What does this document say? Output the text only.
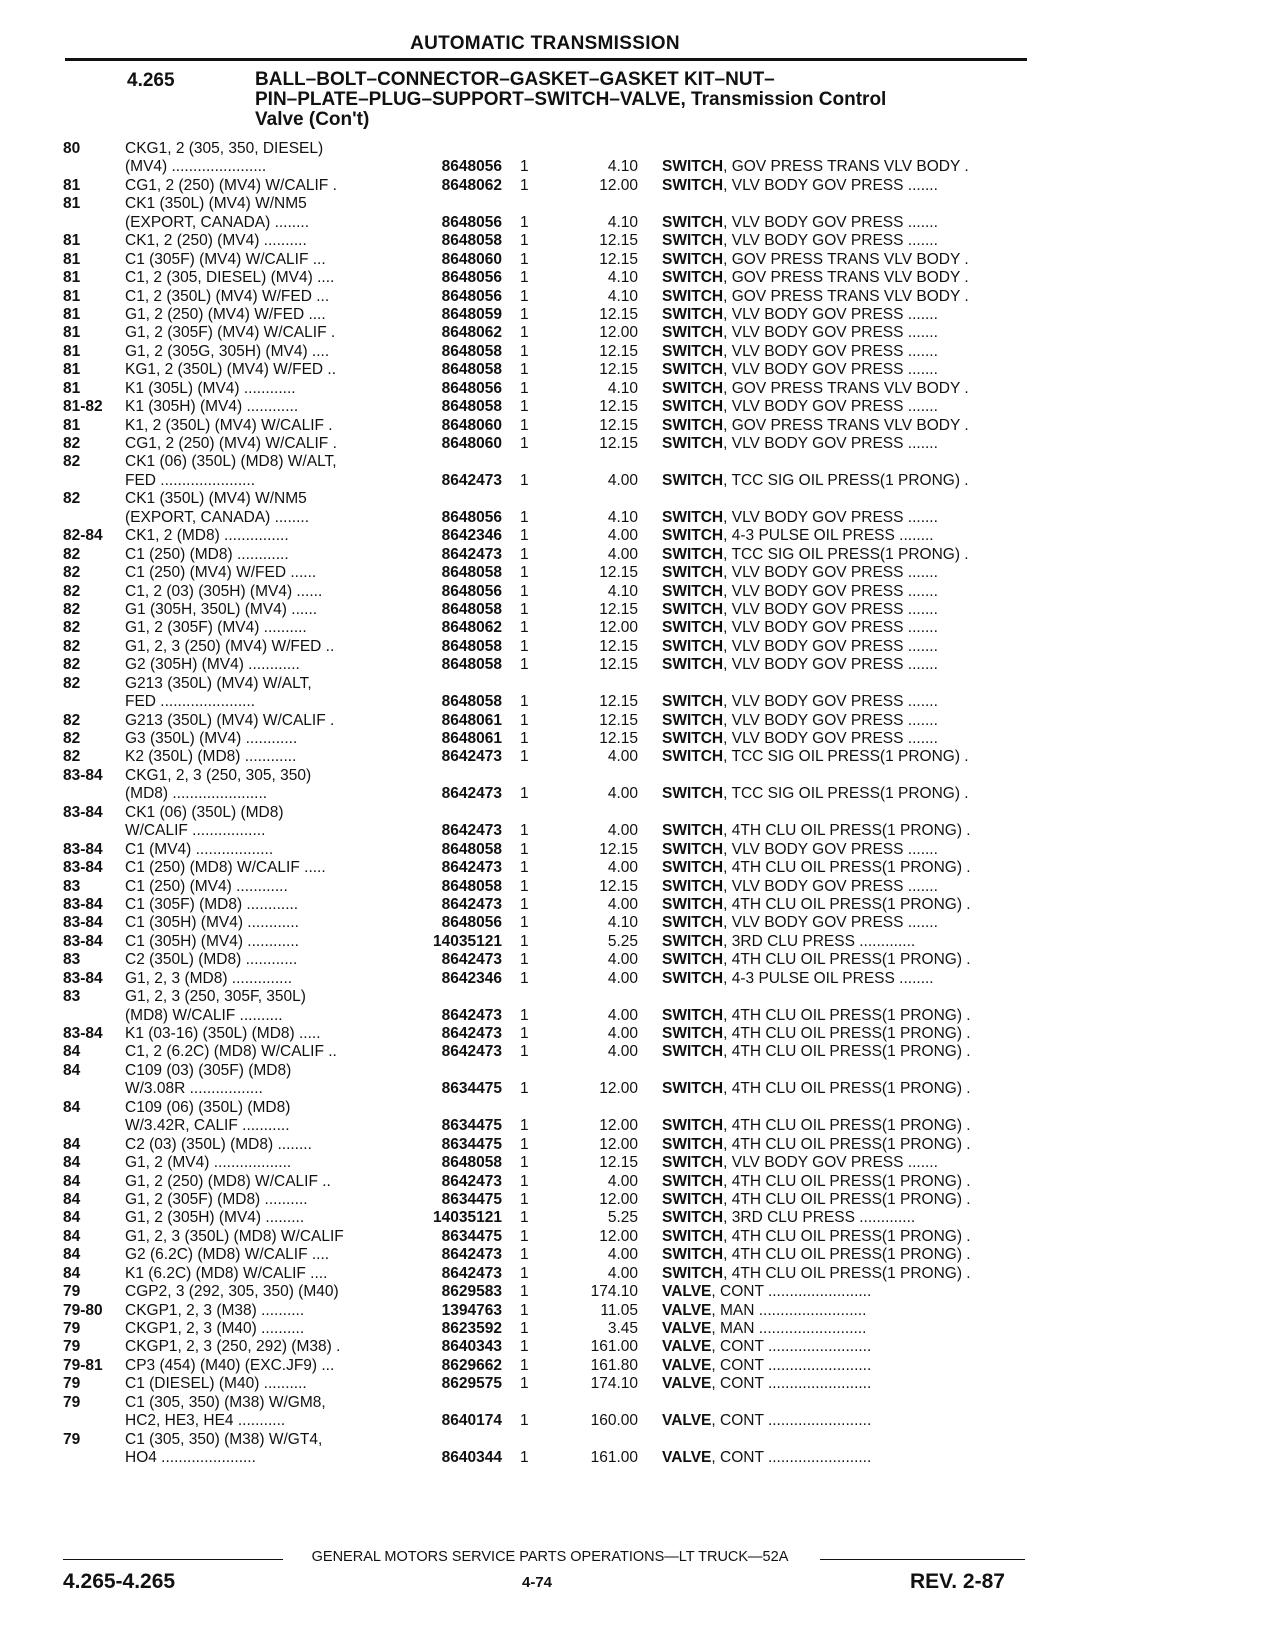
AUTOMATIC TRANSMISSION
4.265	BALL–BOLT–CONNECTOR–GASKET–GASKET KIT–NUT–
PIN–PLATE–PLUG–SUPPORT–SWITCH–VALVE, Transmission Control
Valve (Con't)
80	CKG1, 2 (305, 350, DIESEL)
(MV4) ......................	8648056 1	4.10 SWITCH, GOV PRESS TRANS VLV BODY .
81	CG1, 2 (250) (MV4) W/CALIF .	8648062 1	12.00 SWITCH, VLV BODY GOV PRESS .......
81	CK1 (350L) (MV4) W/NM5
(EXPORT, CANADA) ........	8648056 1	4.10 SWITCH, VLV BODY GOV PRESS .......
81	CK1, 2 (250) (MV4) ..........	8648058 1	12.15 SWITCH, VLV BODY GOV PRESS .......
81	C1 (305F) (MV4) W/CALIF ...	8648060 1	12.15 SWITCH, GOV PRESS TRANS VLV BODY .
81	C1, 2 (305, DIESEL) (MV4) ....	8648056 1	4.10 SWITCH, GOV PRESS TRANS VLV BODY .
81	C1, 2 (350L) (MV4) W/FED ...	8648056 1	4.10 SWITCH, GOV PRESS TRANS VLV BODY .
81	G1, 2 (250) (MV4) W/FED ....	8648059 1	12.15 SWITCH, VLV BODY GOV PRESS .......
81	G1, 2 (305F) (MV4) W/CALIF .	8648062 1	12.00 SWITCH, VLV BODY GOV PRESS .......
81	G1, 2 (305G, 305H) (MV4) ....	8648058 1	12.15 SWITCH, VLV BODY GOV PRESS .......
81	KG1, 2 (350L) (MV4) W/FED ..	8648058 1	12.15 SWITCH, VLV BODY GOV PRESS .......
81	K1 (305L) (MV4) ............	8648056 1	4.10 SWITCH, GOV PRESS TRANS VLV BODY .
81-82 K1 (305H) (MV4) ............	8648058 1	12.15 SWITCH, VLV BODY GOV PRESS .......
81	K1, 2 (350L) (MV4) W/CALIF .	8648060 1	12.15 SWITCH, GOV PRESS TRANS VLV BODY .
82	CG1, 2 (250) (MV4) W/CALIF .	8648060 1	12.15 SWITCH, VLV BODY GOV PRESS .......
82	CK1 (06) (350L) (MD8) W/ALT,
FED ......................	8642473 1	4.00 SWITCH, TCC SIG OIL PRESS(1 PRONG) .
82	CK1 (350L) (MV4) W/NM5
(EXPORT, CANADA) ........	8648056 1	4.10 SWITCH, VLV BODY GOV PRESS .......
82-84 CK1, 2 (MD8) ...............	8642346 1	4.00 SWITCH, 4-3 PULSE OIL PRESS ........
82	C1 (250) (MD8) ............	8642473 1	4.00 SWITCH, TCC SIG OIL PRESS(1 PRONG) .
82	C1 (250) (MV4) W/FED ......	8648058 1	12.15 SWITCH, VLV BODY GOV PRESS .......
82	C1, 2 (03) (305H) (MV4) ......	8648056 1	4.10 SWITCH, VLV BODY GOV PRESS .......
82	G1 (305H, 350L) (MV4) ......	8648058 1	12.15 SWITCH, VLV BODY GOV PRESS .......
82	G1, 2 (305F) (MV4) ..........	8648062 1	12.00 SWITCH, VLV BODY GOV PRESS .......
82	G1, 2, 3 (250) (MV4) W/FED ..	8648058 1	12.15 SWITCH, VLV BODY GOV PRESS .......
82	G2 (305H) (MV4) ............	8648058 1	12.15 SWITCH, VLV BODY GOV PRESS .......
82	G213 (350L) (MV4) W/ALT,
FED ......................	8648058 1	12.15 SWITCH, VLV BODY GOV PRESS .......
82	G213 (350L) (MV4) W/CALIF .	8648061 1	12.15 SWITCH, VLV BODY GOV PRESS .......
82	G3 (350L) (MV4) ............	8648061 1	12.15 SWITCH, VLV BODY GOV PRESS .......
82	K2 (350L) (MD8) ............	8642473 1	4.00 SWITCH, TCC SIG OIL PRESS(1 PRONG) .
83-84 CKG1, 2, 3 (250, 305, 350)
(MD8) ......................	8642473 1	4.00 SWITCH, TCC SIG OIL PRESS(1 PRONG) .
83-84 CK1 (06) (350L) (MD8)
W/CALIF .................	8642473 1	4.00 SWITCH, 4TH CLU OIL PRESS(1 PRONG) .
83-84 C1 (MV4) ..................	8648058 1	12.15 SWITCH, VLV BODY GOV PRESS .......
83-84 C1 (250) (MD8) W/CALIF .....	8642473 1	4.00 SWITCH, 4TH CLU OIL PRESS(1 PRONG) .
83	C1 (250) (MV4) ............	8648058 1	12.15 SWITCH, VLV BODY GOV PRESS .......
83-84 C1 (305F) (MD8) ............	8642473 1	4.00 SWITCH, 4TH CLU OIL PRESS(1 PRONG) .
83-84 C1 (305H) (MV4) ............	8648056 1	4.10 SWITCH, VLV BODY GOV PRESS .......
83-84 C1 (305H) (MV4) ............	14035121 1	5.25 SWITCH, 3RD CLU PRESS .............
83	C2 (350L) (MD8) ............	8642473 1	4.00 SWITCH, 4TH CLU OIL PRESS(1 PRONG) .
83-84 G1, 2, 3 (MD8) ..............	8642346 1	4.00 SWITCH, 4-3 PULSE OIL PRESS ........
83	G1, 2, 3 (250, 305F, 350L)
(MD8) W/CALIF ..........	8642473 1	4.00 SWITCH, 4TH CLU OIL PRESS(1 PRONG) .
83-84 K1 (03-16) (350L) (MD8) .....	8642473 1	4.00 SWITCH, 4TH CLU OIL PRESS(1 PRONG) .
84	C1, 2 (6.2C) (MD8) W/CALIF ..	8642473 1	4.00 SWITCH, 4TH CLU OIL PRESS(1 PRONG) .
84	C109 (03) (305F) (MD8)
W/3.08R .................	8634475 1	12.00 SWITCH, 4TH CLU OIL PRESS(1 PRONG) .
84	C109 (06) (350L) (MD8)
W/3.42R, CALIF ...........	8634475 1	12.00 SWITCH, 4TH CLU OIL PRESS(1 PRONG) .
84	C2 (03) (350L) (MD8) ........	8634475 1	12.00 SWITCH, 4TH CLU OIL PRESS(1 PRONG) .
84	G1, 2 (MV4) ..................	8648058 1	12.15 SWITCH, VLV BODY GOV PRESS .......
84	G1, 2 (250) (MD8) W/CALIF ..	8642473 1	4.00 SWITCH, 4TH CLU OIL PRESS(1 PRONG) .
84	G1, 2 (305F) (MD8) ..........	8634475 1	12.00 SWITCH, 4TH CLU OIL PRESS(1 PRONG) .
84	G1, 2 (305H) (MV4) .........	14035121 1	5.25 SWITCH, 3RD CLU PRESS .............
84	G1, 2, 3 (350L) (MD8) W/CALIF	8634475 1	12.00 SWITCH, 4TH CLU OIL PRESS(1 PRONG) .
84	G2 (6.2C) (MD8) W/CALIF ....	8642473 1	4.00 SWITCH, 4TH CLU OIL PRESS(1 PRONG) .
84	K1 (6.2C) (MD8) W/CALIF ....	8642473 1	4.00 SWITCH, 4TH CLU OIL PRESS(1 PRONG) .
79	CGP2, 3 (292, 305, 350) (M40)	8629583 1	174.10 VALVE, CONT ........................
79-80 CKGP1, 2, 3 (M38) ..........	1394763 1	11.05 VALVE, MAN .........................
79	CKGP1, 2, 3 (M40) ..........	8623592 1	3.45 VALVE, MAN .........................
79	CKGP1, 2, 3 (250, 292) (M38) .	8640343 1	161.00 VALVE, CONT ........................
79-81 CP3 (454) (M40) (EXC.JF9) ...	8629662 1	161.80 VALVE, CONT ........................
79	C1 (DIESEL) (M40) ..........	8629575 1	174.10 VALVE, CONT ........................
79	C1 (305, 350) (M38) W/GM8,
HC2, HE3, HE4 ...........	8640174 1	160.00 VALVE, CONT ........................
79	C1 (305, 350) (M38) W/GT4,
HO4 ......................	8640344 1	161.00 VALVE, CONT ........................
GENERAL MOTORS SERVICE PARTS OPERATIONS—LT TRUCK—52A
4.265-4.265	4-74	REV. 2-87
